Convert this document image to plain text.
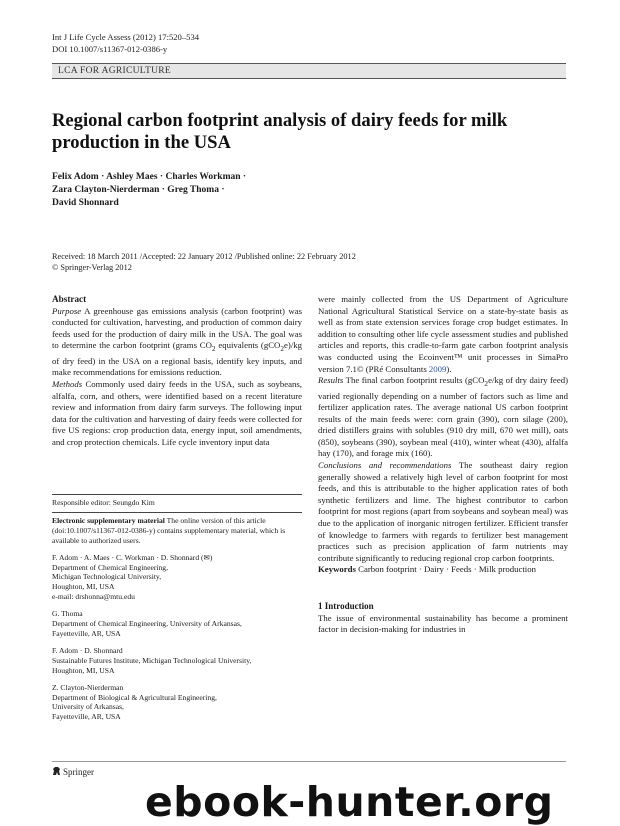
Int J Life Cycle Assess (2012) 17:520–534
DOI 10.1007/s11367-012-0386-y
LCA FOR AGRICULTURE
Regional carbon footprint analysis of dairy feeds for milk
production in the USA
Felix Adom · Ashley Maes · Charles Workman ·
Zara Clayton-Nierderman · Greg Thoma ·
David Shonnard
Received: 18 March 2011 /Accepted: 22 January 2012 /Published online: 22 February 2012
© Springer-Verlag 2012
Abstract

Purpose A greenhouse gas emissions analysis (carbon footprint) was conducted for cultivation, harvesting, and production of common dairy feeds used for the production of dairy milk in the USA. The goal was to determine the carbon footprint (grams $CO_2$ equivalents (gCO$_2$e)/kg of dry feed) in the USA on a regional basis, identify key inputs, and make recommendations for emissions reduction.

Methods Commonly used dairy feeds in the USA, such as soybeans, alfalfa, corn, and others, were identified based on a recent literature review and information from dairy farm surveys. The following input data for the cultivation and harvesting of dairy feeds were collected for five US regions: crop production data, energy input, soil amendments, and crop protection chemicals. Life cycle inventory input data

Responsible editor: Seungdo Kim

Electronic supplementary material The online version of this article (doi:10.1007/s11367-012-0386-y) contains supplementary material, which is available to authorized users.

F. Adom · A. Maes · C. Workman · D. Shonnard (✉)

Department of Chemical Engineering,

Michigan Technological University,

Houghton, MI, USA

e-mail: drshonna@mtu.edu

G. Thoma

Department of Chemical Engineering, University of Arkansas,

Fayetteville, AR, USA

F. Adom · D. Shonnard

Sustainable Futures Institute, Michigan Technological University,

Houghton, MI, USA

Z. Clayton-Nierderman

Department of Biological & Agricultural Engineering,

University of Arkansas,

Fayetteville, AR, USA

were mainly collected from the US Department of Agriculture National Agricultural Statistical Service on a state-by-state basis as well as from state extension services forage crop budget estimates. In addition to consulting other life cycle assessment studies and published articles and reports, this cradle-to-farm gate carbon footprint analysis was conducted using the Ecoinvent™ unit processes in SimaPro version 7.1© (PRé Consultants 2009).

Results The final carbon footprint results (gCO$_2$e/kg of dry dairy feed) varied regionally depending on a number of factors such as lime and fertilizer application rates. The average national US carbon footprint results of the main feeds were: corn grain (390), corn silage (200), dried distillers grains with solubles (910 dry mill, 670 wet mill), oats (850), soybeans (390), soybean meal (410), winter wheat (430), alfalfa hay (170), and forage mix (160).

Conclusions and recommendations The southeast dairy region generally showed a relatively high level of carbon footprint for most feeds, and this is attributable to the higher application rates of both synthetic fertilizers and lime. The highest contributor to carbon footprint for most regions (apart from soybeans and soybean meal) was due to the application of inorganic nitrogen fertilizer. Efficient transfer of knowledge to farmers with regards to fertilizer best management practices such as precision application of farm nutrients may contribute significantly to reducing regional crop carbon footprints.

Keywords Carbon footprint · Dairy · Feeds · Milk production

1 Introduction

The issue of environmental sustainability has become a prominent factor in decision-making for industries in

Springer
ebook-hunter.org
